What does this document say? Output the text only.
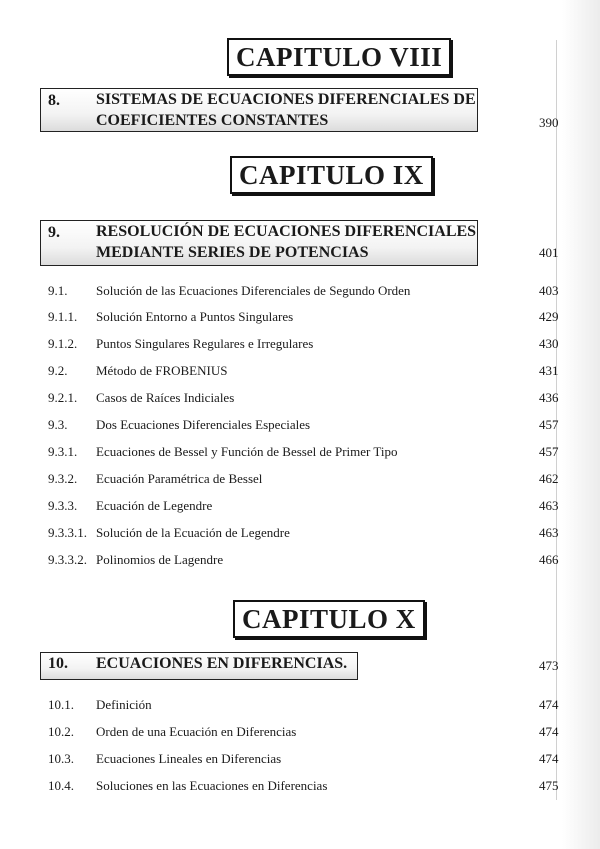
CAPITULO VIII
8. SISTEMAS DE ECUACIONES DIFERENCIALES DE
COEFICIENTES CONSTANTES	390
CAPITULO IX
9. RESOLUCIÓN DE ECUACIONES DIFERENCIALES
MEDIANTE SERIES DE POTENCIAS	401
9.1. Solución de las Ecuaciones Diferenciales de Segundo Orden	403
9.1.1. Solución Entorno a Puntos Singulares	429
9.1.2. Puntos Singulares Regulares e Irregulares	430
9.2. Método de FROBENIUS	431
9.2.1. Casos de Raíces Indiciales	436
9.3. Dos Ecuaciones Diferenciales Especiales	457
9.3.1. Ecuaciones de Bessel y Función de Bessel de Primer Tipo	457
9.3.2. Ecuación Paramétrica de Bessel	462
9.3.3. Ecuación de Legendre	463
9.3.3.1. Solución de la Ecuación de Legendre	463
9.3.3.2. Polinomios de Lagendre	466
CAPITULO X
10. ECUACIONES EN DIFERENCIAS.	473
10.1. Definición	474
10.2. Orden de una Ecuación en Diferencias	474
10.3. Ecuaciones Lineales en Diferencias	474
10.4. Soluciones en las Ecuaciones en Diferencias	475
